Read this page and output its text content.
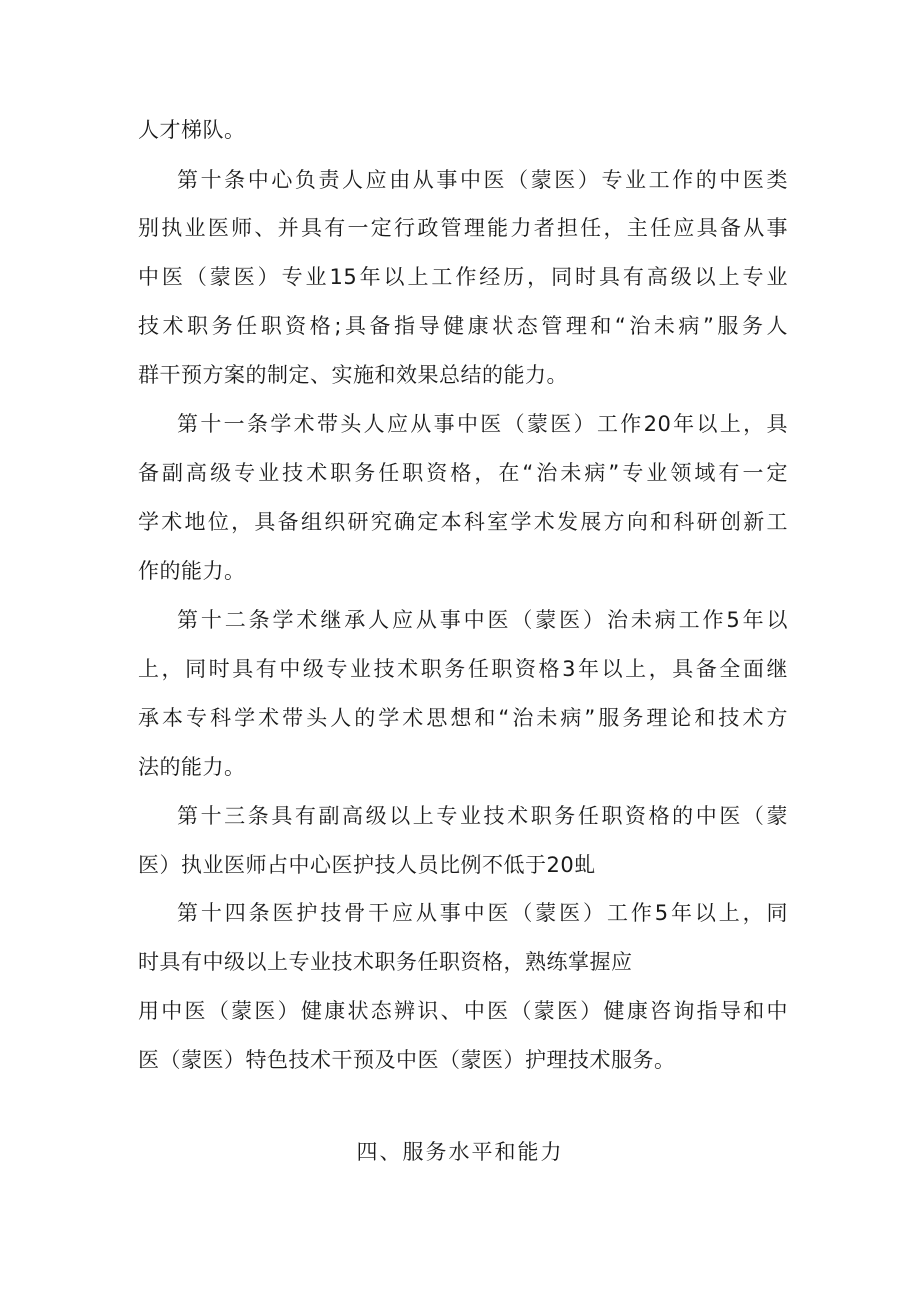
人才梯队。
第十条中心负责人应由从事中医（蒙医）专业工作的中医类
别执业医师、并具有一定行政管理能力者担任，主任应具备从事
中医（蒙医）专业15年以上工作经历，同时具有高级以上专业
技术职务任职资格;具备指导健康状态管理和“治未病”服务人
群干预方案的制定、实施和效果总结的能力。
第十一条学术带头人应从事中医（蒙医）工作20年以上，具
备副高级专业技术职务任职资格，在“治未病”专业领域有一定
学术地位，具备组织研究确定本科室学术发展方向和科研创新工
作的能力。
第十二条学术继承人应从事中医（蒙医）治未病工作5年以
上，同时具有中级专业技术职务任职资格3年以上，具备全面继
承本专科学术带头人的学术思想和“治未病”服务理论和技术方
法的能力。
第十三条具有副高级以上专业技术职务任职资格的中医（蒙
医）执业医师占中心医护技人员比例不低于20虬
第十四条医护技骨干应从事中医（蒙医）工作5年以上，同
时具有中级以上专业技术职务任职资格，熟练掌握应
用中医（蒙医）健康状态辨识、中医（蒙医）健康咨询指导和中
医（蒙医）特色技术干预及中医（蒙医）护理技术服务。
四、服务水平和能力
